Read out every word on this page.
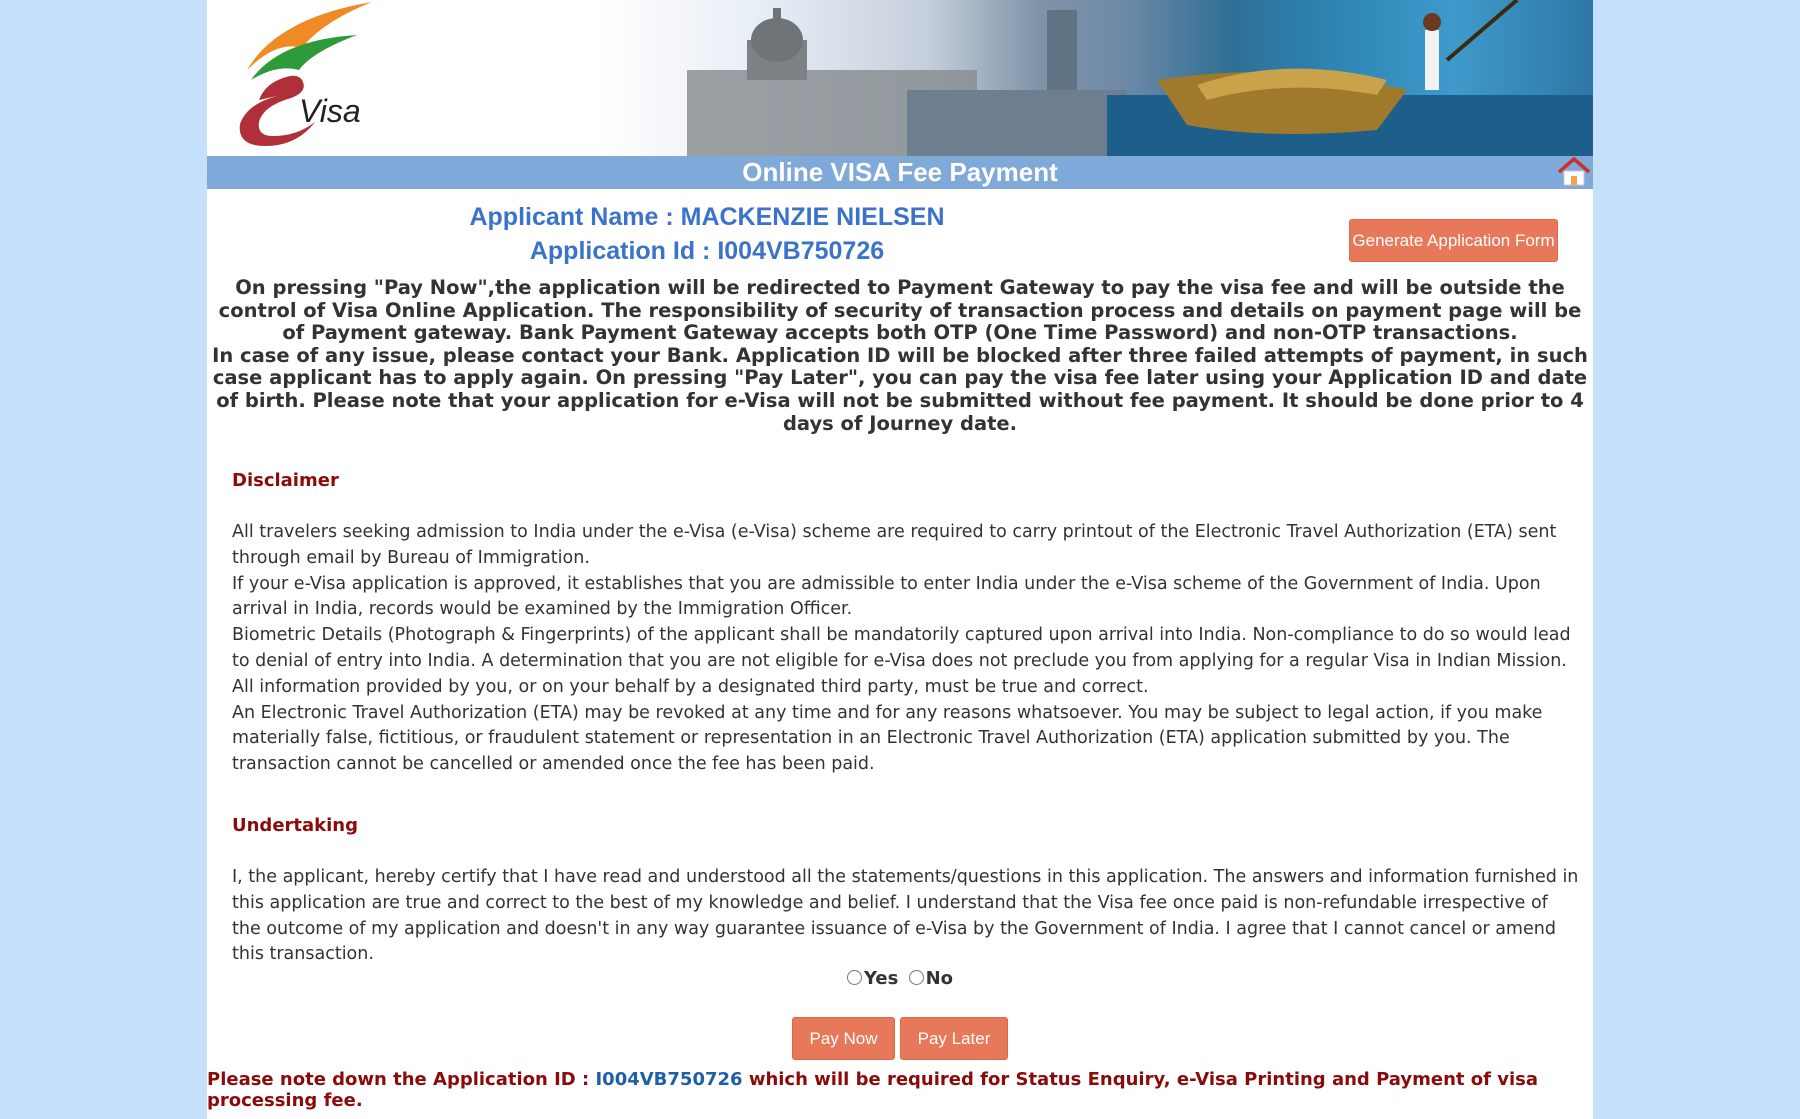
Visa
Online VISA Fee Payment
Applicant Name : MACKENZIE NIELSEN
Application Id : I004VB750726	Generate Application Form
On pressing "Pay Now",the application will be redirected to Payment Gateway to pay the visa fee and will be outside the control of Visa Online Application. The responsibility of security of transaction process and details on payment page will be of Payment gateway. Bank Payment Gateway accepts both OTP (One Time Password) and non-OTP transactions.
In case of any issue, please contact your Bank. Application ID will be blocked after three failed attempts of payment, in such case applicant has to apply again. On pressing "Pay Later", you can pay the visa fee later using your Application ID and date of birth. Please note that your application for e-Visa will not be submitted without fee payment. It should be done prior to 4 days of Journey date.
Disclaimer

All travelers seeking admission to India under the e-Visa (e-Visa) scheme are required to carry printout of the Electronic Travel Authorization (ETA) sent through email by Bureau of Immigration.

If your e-Visa application is approved, it establishes that you are admissible to enter India under the e-Visa scheme of the Government of India. Upon arrival in India, records would be examined by the Immigration Officer.

Biometric Details (Photograph & Fingerprints) of the applicant shall be mandatorily captured upon arrival into India. Non-compliance to do so would lead to denial of entry into India. A determination that you are not eligible for e-Visa does not preclude you from applying for a regular Visa in Indian Mission.

All information provided by you, or on your behalf by a designated third party, must be true and correct.

An Electronic Travel Authorization (ETA) may be revoked at any time and for any reasons whatsoever. You may be subject to legal action, if you make materially false, fictitious, or fraudulent statement or representation in an Electronic Travel Authorization (ETA) application submitted by you. The transaction cannot be cancelled or amended once the fee has been paid.

Undertaking

I, the applicant, hereby certify that I have read and understood all the statements/questions in this application. The answers and information furnished in this application are true and correct to the best of my knowledge and belief. I understand that the Visa fee once paid is non-refundable irrespective of the outcome of my application and doesn't in any way guarantee issuance of e-Visa by the Government of India. I agree that I cannot cancel or amend this transaction.

Yes No
Pay Now	Pay Later
Please note down the Application ID : I004VB750726 which will be required for Status Enquiry, e-Visa Printing and Payment of visa processing fee.
